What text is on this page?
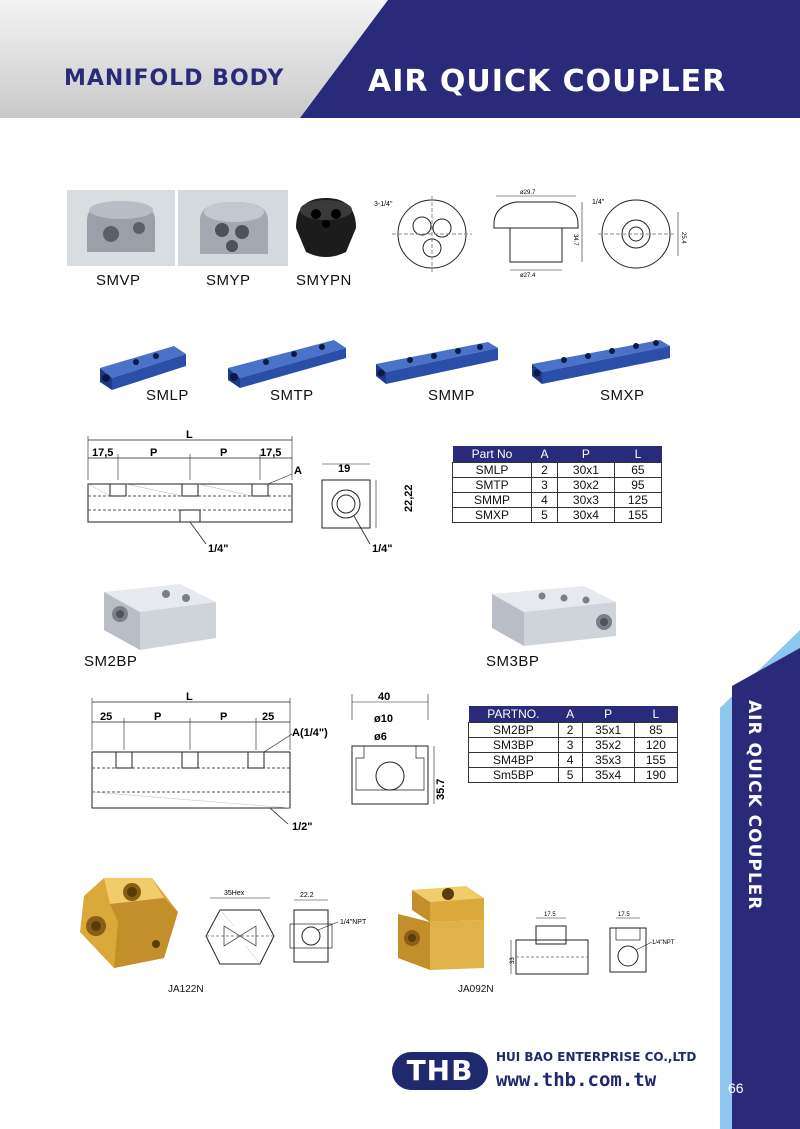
MANIFOLD BODY	AIR QUICK COUPLER
AIR QUICK COUPLER
66
SMVP	SMYP	SMYPN
3-1/4"
ø29.7
ø27.4
34.7
1/4"
25.4
SMLP	SMTP	SMMP	SMXP
L
17,5	P	P	17,5
A
1/4"
19
22,22
1/4"
Part No	A	P	L
SMLP	2	30x1	65
SMTP	3	30x2	95
SMMP	4	30x3	125
SMXP	5	30x4	155
SM2BP	SM3BP
L
25	P	P	25
A(1/4")
1/2"
40
ø10
ø6
35.7
PARTNO.	A	P	L
SM2BP	2	35x1	85
SM3BP	3	35x2	120
SM4BP	4	35x3	155
Sm5BP	5	35x4	190
JA122N
35Hex	22.2
1/4"NPT
JA092N
17.5
33
17.5
1/4"NPT
THB	HUI BAO ENTERPRISE CO.,LTD
www.thb.com.tw
